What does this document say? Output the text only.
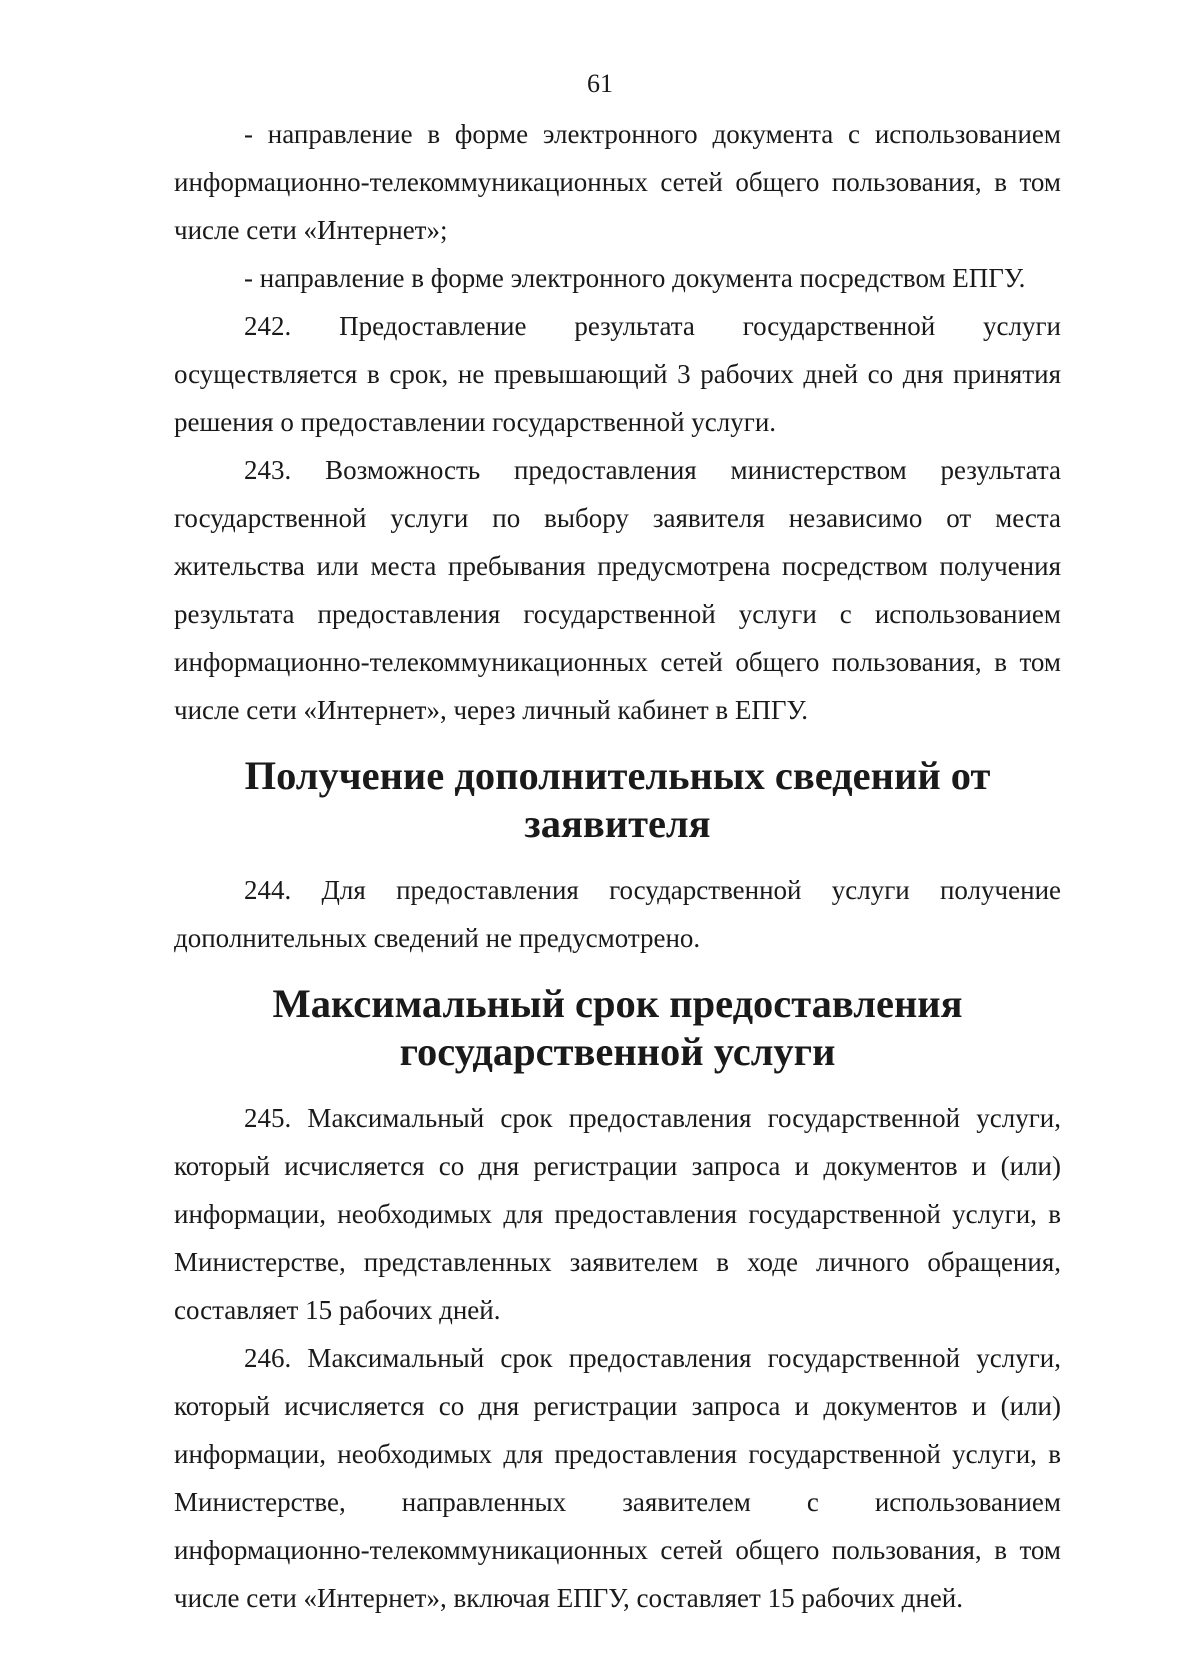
61

- направление в форме электронного документа с использованием информационно-телекоммуникационных сетей общего пользования, в том числе сети «Интернет»;

- направление в форме электронного документа посредством ЕПГУ.

242. Предоставление результата государственной услуги осуществляется в срок, не превышающий 3 рабочих дней со дня принятия решения о предоставлении государственной услуги.

243. Возможность предоставления министерством результата государственной услуги по выбору заявителя независимо от места жительства или места пребывания предусмотрена посредством получения результата предоставления государственной услуги с использованием информационно-телекоммуникационных сетей общего пользования, в том числе сети «Интернет», через личный кабинет в ЕПГУ.

Получение дополнительных сведений от заявителя

244. Для предоставления государственной услуги получение дополнительных сведений не предусмотрено.

Максимальный срок предоставления государственной услуги

245. Максимальный срок предоставления государственной услуги, который исчисляется со дня регистрации запроса и документов и (или) информации, необходимых для предоставления государственной услуги, в Министерстве, представленных заявителем в ходе личного обращения, составляет 15 рабочих дней.

246. Максимальный срок предоставления государственной услуги, который исчисляется со дня регистрации запроса и документов и (или) информации, необходимых для предоставления государственной услуги, в Министерстве, направленных заявителем с использованием информационно-телекоммуникационных сетей общего пользования, в том числе сети «Интернет», включая ЕПГУ, составляет 15 рабочих дней.
